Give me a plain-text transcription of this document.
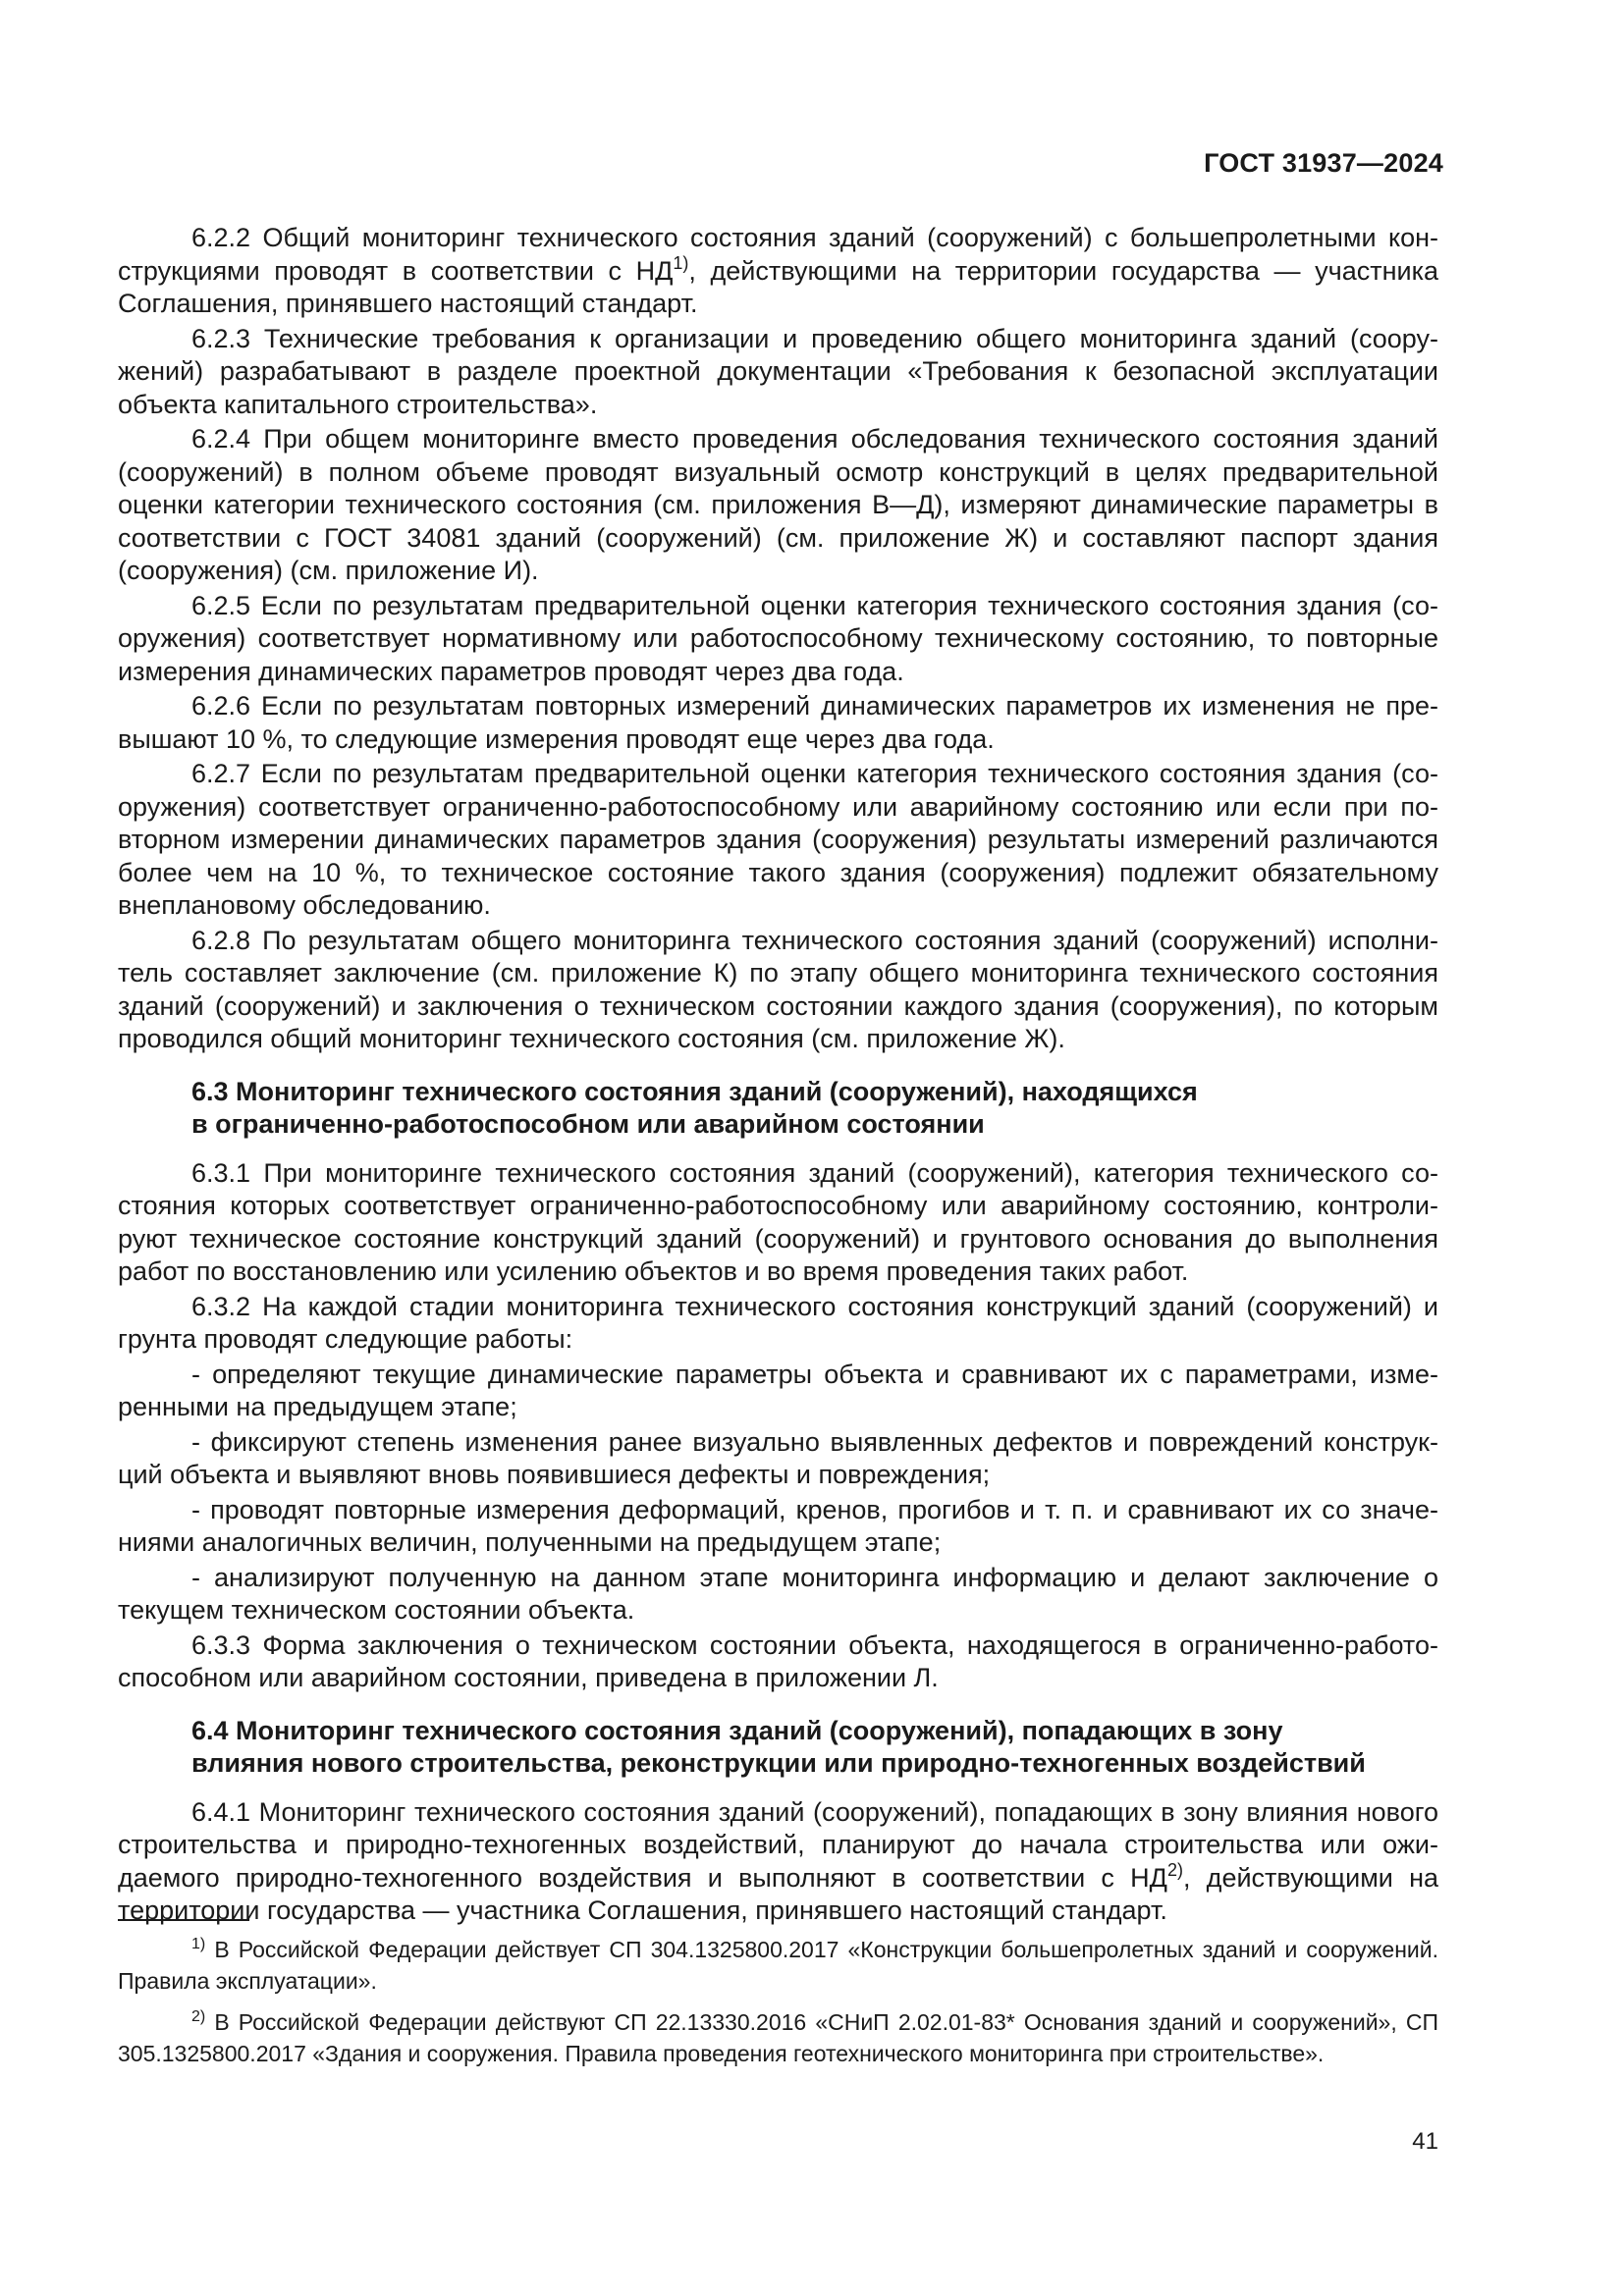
ГОСТ 31937—2024

6.2.2 Общий мониторинг технического состояния зданий (сооружений) с большепролетными конструкциями проводят в соответствии с НД$^{1)}$, действующими на территории государства — участника Соглашения, принявшего настоящий стандарт.

6.2.3 Технические требования к организации и проведению общего мониторинга зданий (сооружений) разрабатывают в разделе проектной документации «Требования к безопасной эксплуатации объекта капитального строительства».

6.2.4 При общем мониторинге вместо проведения обследования технического состояния зданий (сооружений) в полном объеме проводят визуальный осмотр конструкций в целях предварительной оценки категории технического состояния (см. приложения В—Д), измеряют динамические параметры в соответствии с ГОСТ 34081 зданий (сооружений) (см. приложение Ж) и составляют паспорт здания (сооружения) (см. приложение И).

6.2.5 Если по результатам предварительной оценки категория технического состояния здания (сооружения) соответствует нормативному или работоспособному техническому состоянию, то повторные измерения динамических параметров проводят через два года.

6.2.6 Если по результатам повторных измерений динамических параметров их изменения не превышают 10 %, то следующие измерения проводят еще через два года.

6.2.7 Если по результатам предварительной оценки категория технического состояния здания (сооружения) соответствует ограниченно-работоспособному или аварийному состоянию или если при повторном измерении динамических параметров здания (сооружения) результаты измерений различаются более чем на 10 %, то техническое состояние такого здания (сооружения) подлежит обязательному внеплановому обследованию.

6.2.8 По результатам общего мониторинга технического состояния зданий (сооружений) исполнитель составляет заключение (см. приложение К) по этапу общего мониторинга технического состояния зданий (сооружений) и заключения о техническом состоянии каждого здания (сооружения), по которым проводился общий мониторинг технического состояния (см. приложение Ж).

6.3 Мониторинг технического состояния зданий (сооружений), находящихся
в ограниченно-работоспособном или аварийном состоянии

6.3.1 При мониторинге технического состояния зданий (сооружений), категория технического состояния которых соответствует ограниченно-работоспособному или аварийному состоянию, контролируют техническое состояние конструкций зданий (сооружений) и грунтового основания до выполнения работ по восстановлению или усилению объектов и во время проведения таких работ.

6.3.2 На каждой стадии мониторинга технического состояния конструкций зданий (сооружений) и грунта проводят следующие работы:

- определяют текущие динамические параметры объекта и сравнивают их с параметрами, измеренными на предыдущем этапе;

- фиксируют степень изменения ранее визуально выявленных дефектов и повреждений конструкций объекта и выявляют вновь появившиеся дефекты и повреждения;

- проводят повторные измерения деформаций, кренов, прогибов и т. п. и сравнивают их со значениями аналогичных величин, полученными на предыдущем этапе;

- анализируют полученную на данном этапе мониторинга информацию и делают заключение о текущем техническом состоянии объекта.

6.3.3 Форма заключения о техническом состоянии объекта, находящегося в ограниченно-работоспособном или аварийном состоянии, приведена в приложении Л.

6.4 Мониторинг технического состояния зданий (сооружений), попадающих в зону
влияния нового строительства, реконструкции или природно-техногенных воздействий

6.4.1 Мониторинг технического состояния зданий (сооружений), попадающих в зону влияния нового строительства и природно-техногенных воздействий, планируют до начала строительства или ожидаемого природно-техногенного воздействия и выполняют в соответствии с НД$^{2)}$, действующими на территории государства — участника Соглашения, принявшего настоящий стандарт.

$^{1)}$ В Российской Федерации действует СП 304.1325800.2017 «Конструкции большепролетных зданий и сооружений. Правила эксплуатации».

$^{2)}$ В Российской Федерации действуют СП 22.13330.2016 «СНиП 2.02.01-83* Основания зданий и сооружений», СП 305.1325800.2017 «Здания и сооружения. Правила проведения геотехнического мониторинга при строительстве».

41
